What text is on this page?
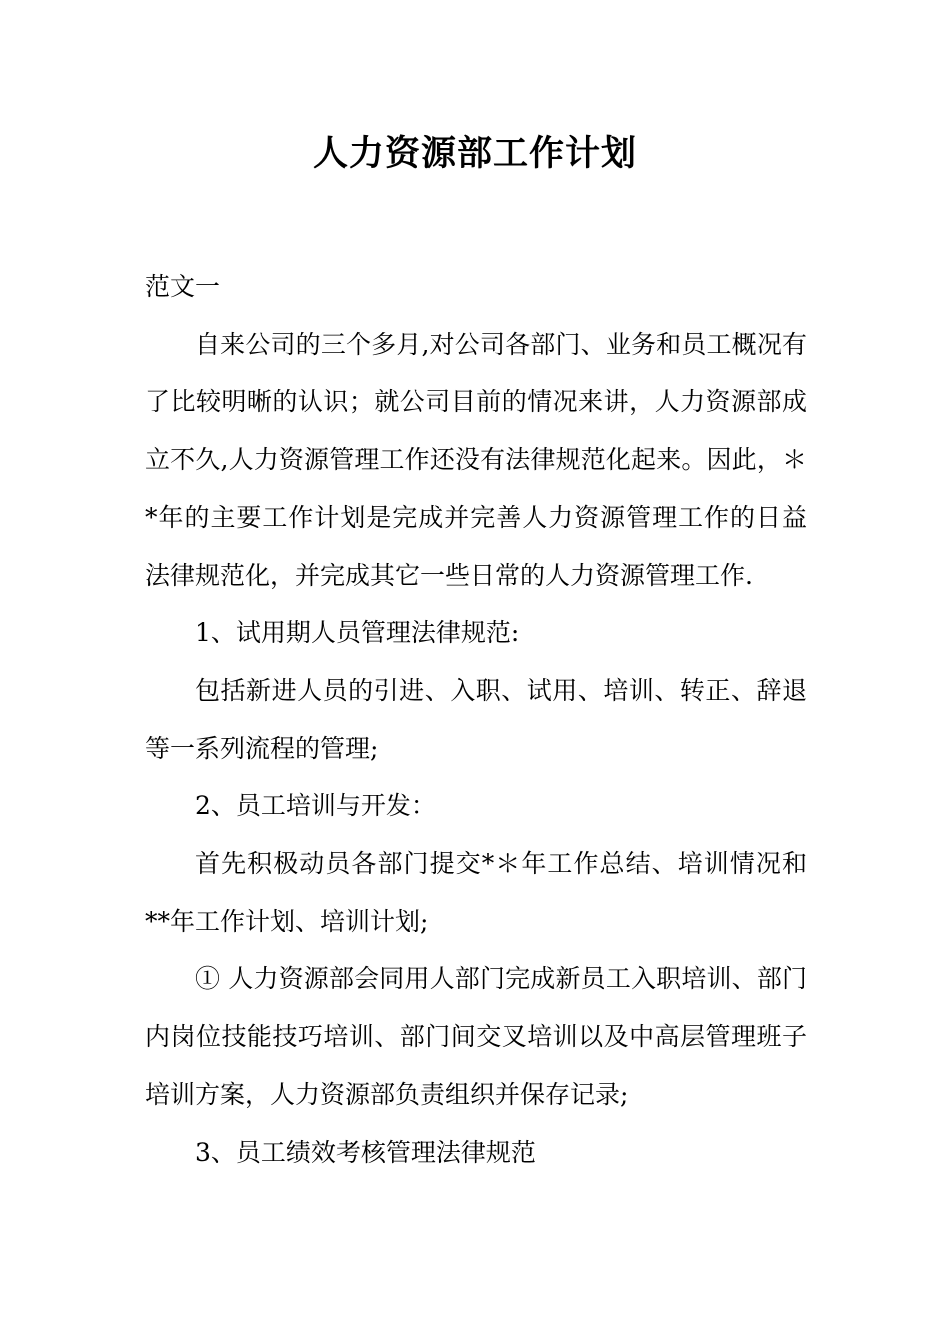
人力资源部工作计划

范文一

自来公司的三个多月,对公司各部门、业务和员工概况有了比较明晰的认识；就公司目前的情况来讲，人力资源部成立不久,人力资源管理工作还没有法律规范化起来。因此，＊*年的主要工作计划是完成并完善人力资源管理工作的日益法律规范化，并完成其它一些日常的人力资源管理工作.

1、试用期人员管理法律规范:

包括新进人员的引进、入职、试用、培训、转正、辞退等一系列流程的管理;

2、员工培训与开发：

首先积极动员各部门提交*＊年工作总结、培训情况和**年工作计划、培训计划;

① 人力资源部会同用人部门完成新员工入职培训、部门内岗位技能技巧培训、部门间交叉培训以及中高层管理班子培训方案，人力资源部负责组织并保存记录;

3、员工绩效考核管理法律规范
